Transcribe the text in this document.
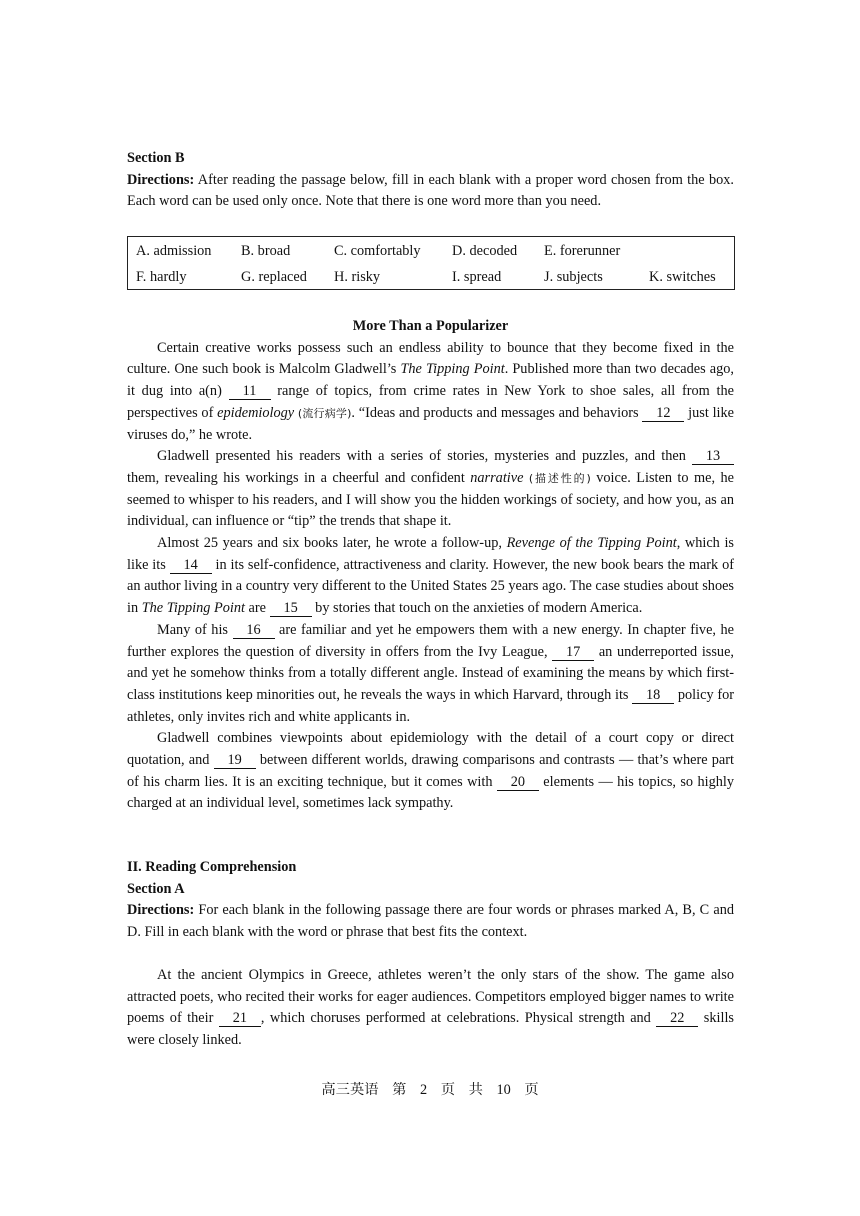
Section B

Directions: After reading the passage below, fill in each blank with a proper word chosen from the box. Each word can be used only once. Note that there is one word more than you need.

A. admission B. broad	C. comfortably D. decoded E. forerunner
F. hardly	G. replaced H. risky	I. spread	J. subjects	K. switches
More Than a Popularizer

Certain creative works possess such an endless ability to bounce that they become fixed in the culture. One such book is Malcolm Gladwell’s The Tipping Point. Published more than two decades ago, it dug into a(n) 11 range of topics, from crime rates in New York to shoe sales, all from the perspectives of epidemiology (流行病学). “Ideas and products and messages and behaviors 12 just like viruses do,” he wrote.

Gladwell presented his readers with a series of stories, mysteries and puzzles, and then 13 them, revealing his workings in a cheerful and confident narrative (描述性的) voice. Listen to me, he seemed to whisper to his readers, and I will show you the hidden workings of society, and how you, as an individual, can influence or “tip” the trends that shape it.

Almost 25 years and six books later, he wrote a follow-up, Revenge of the Tipping Point, which is like its 14 in its self-confidence, attractiveness and clarity. However, the new book bears the mark of an author living in a country very different to the United States 25 years ago. The case studies about shoes in The Tipping Point are 15 by stories that touch on the anxieties of modern America.

Many of his 16 are familiar and yet he empowers them with a new energy. In chapter five, he further explores the question of diversity in offers from the Ivy League, 17 an underreported issue, and yet he somehow thinks from a totally different angle. Instead of examining the means by which first-class institutions keep minorities out, he reveals the ways in which Harvard, through its 18 policy for athletes, only invites rich and white applicants in.

Gladwell combines viewpoints about epidemiology with the detail of a court copy or direct quotation, and 19 between different worlds, drawing comparisons and contrasts — that’s where part of his charm lies. It is an exciting technique, but it comes with 20 elements — his topics, so highly charged at an individual level, sometimes lack sympathy.

II. Reading Comprehension
Section A

Directions: For each blank in the following passage there are four words or phrases marked A, B, C and D. Fill in each blank with the word or phrase that best fits the context.

At the ancient Olympics in Greece, athletes weren’t the only stars of the show. The game also attracted poets, who recited their works for eager audiences. Competitors employed bigger names to write poems of their 21 , which choruses performed at celebrations. Physical strength and 22 skills were closely linked.

高三英语 第 2 页 共 10 页
